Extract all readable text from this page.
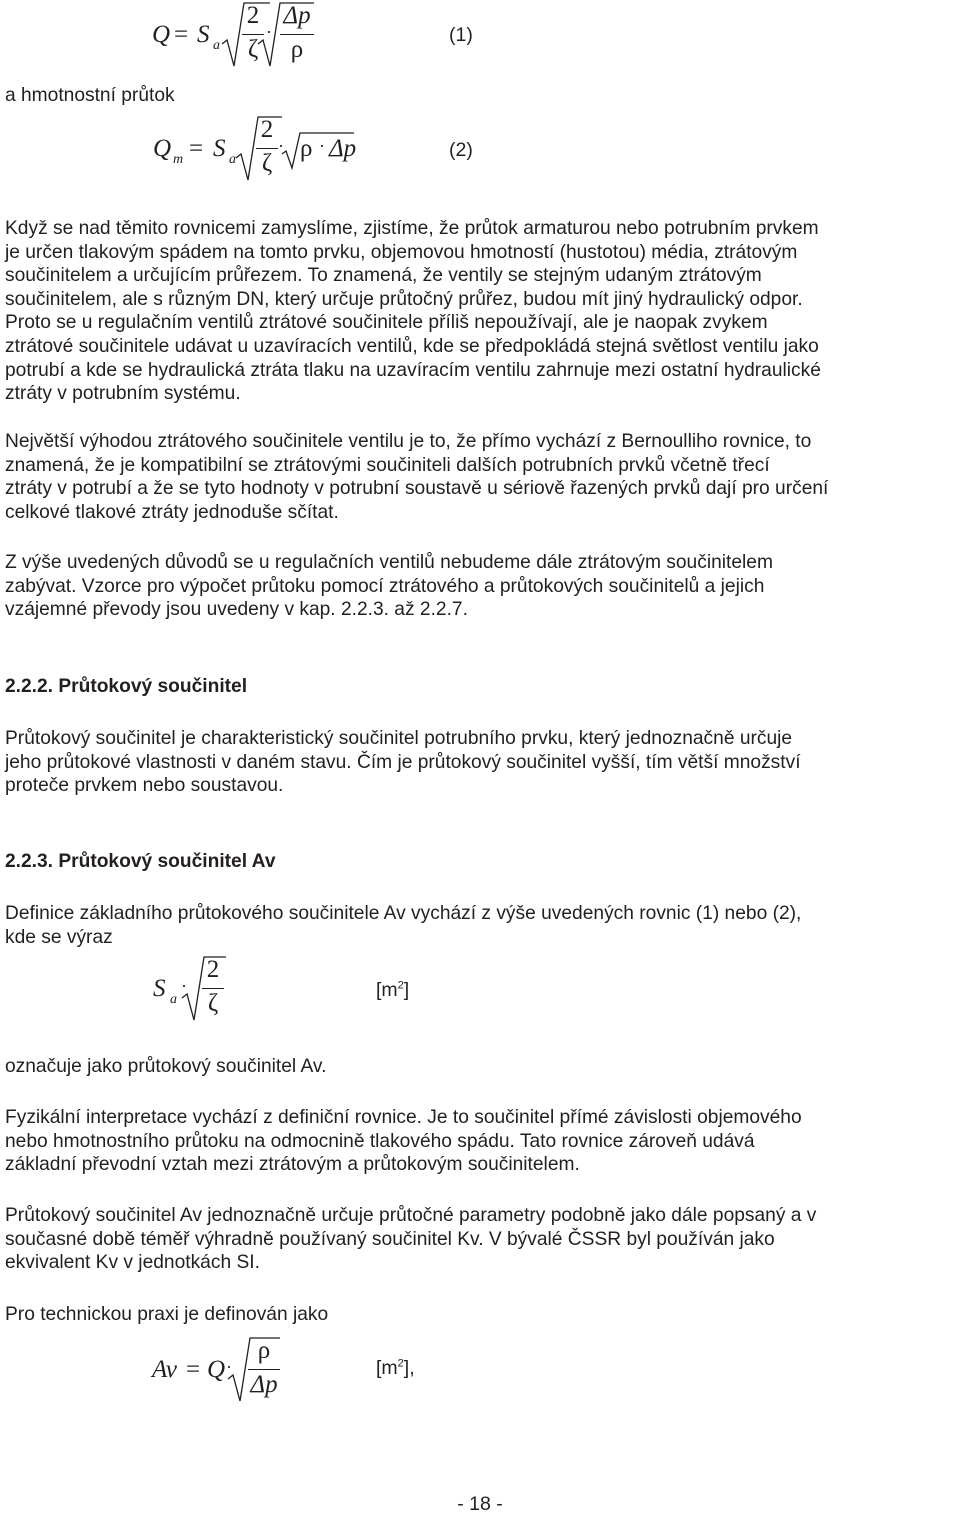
Q = S a
2
ζ
·
Δp
ρ
(1)
a hmotnostní průtok
Q m = S a
2
ζ
· ρ · Δp	(2)
Když se nad těmito rovnicemi zamyslíme, zjistíme, že průtok armaturou nebo potrubním prvkem
je určen tlakovým spádem na tomto prvku, objemovou hmotností (hustotou) média, ztrátovým
součinitelem a určujícím průřezem. To znamená, že ventily se stejným udaným ztrátovým
součinitelem, ale s různým DN, který určuje průtočný průřez, budou mít jiný hydraulický odpor.
Proto se u regulačním ventilů ztrátové součinitele příliš nepoužívají, ale je naopak zvykem
ztrátové součinitele udávat u uzavíracích ventilů, kde se předpokládá stejná světlost ventilu jako
potrubí a kde se hydraulická ztráta tlaku na uzavíracím ventilu zahrnuje mezi ostatní hydraulické
ztráty v potrubním systému.
Největší výhodou ztrátového součinitele ventilu je to, že přímo vychází z Bernoulliho rovnice, to
znamená, že je kompatibilní se ztrátovými součiniteli dalších potrubních prvků včetně třecí
ztráty v potrubí a že se tyto hodnoty v potrubní soustavě u sériově řazených prvků dají pro určení
celkové tlakové ztráty jednoduše sčítat.
Z výše uvedených důvodů se u regulačních ventilů nebudeme dále ztrátovým součinitelem
zabývat. Vzorce pro výpočet průtoku pomocí ztrátového a průtokových součinitelů a jejich
vzájemné převody jsou uvedeny v kap. 2.2.3. až 2.2.7.
2.2.2. Průtokový součinitel
Průtokový součinitel je charakteristický součinitel potrubního prvku, který jednoznačně určuje
jeho průtokové vlastnosti v daném stavu. Čím je průtokový součinitel vyšší, tím větší množství
proteče prvkem nebo soustavou.
2.2.3. Průtokový součinitel Av
Definice základního průtokového součinitele Av vychází z výše uvedených rovnic (1) nebo (2),
kde se výraz
S a
·
2
ζ	$[m^2]$
označuje jako průtokový součinitel Av.
Fyzikální interpretace vychází z definiční rovnice. Je to součinitel přímé závislosti objemového
nebo hmotnostního průtoku na odmocnině tlakového spádu. Tato rovnice zároveň udává
základní převodní vztah mezi ztrátovým a průtokovým součinitelem.
Průtokový součinitel Av jednoznačně určuje průtočné parametry podobně jako dále popsaný a v
současné době téměř výhradně používaný součinitel Kv. V bývalé ČSSR byl používán jako
ekvivalent Kv v jednotkách SI.
Pro technickou praxi je definován jako
Av = Q ·
ρ
Δp
$[m^2]$,
- 18 -
